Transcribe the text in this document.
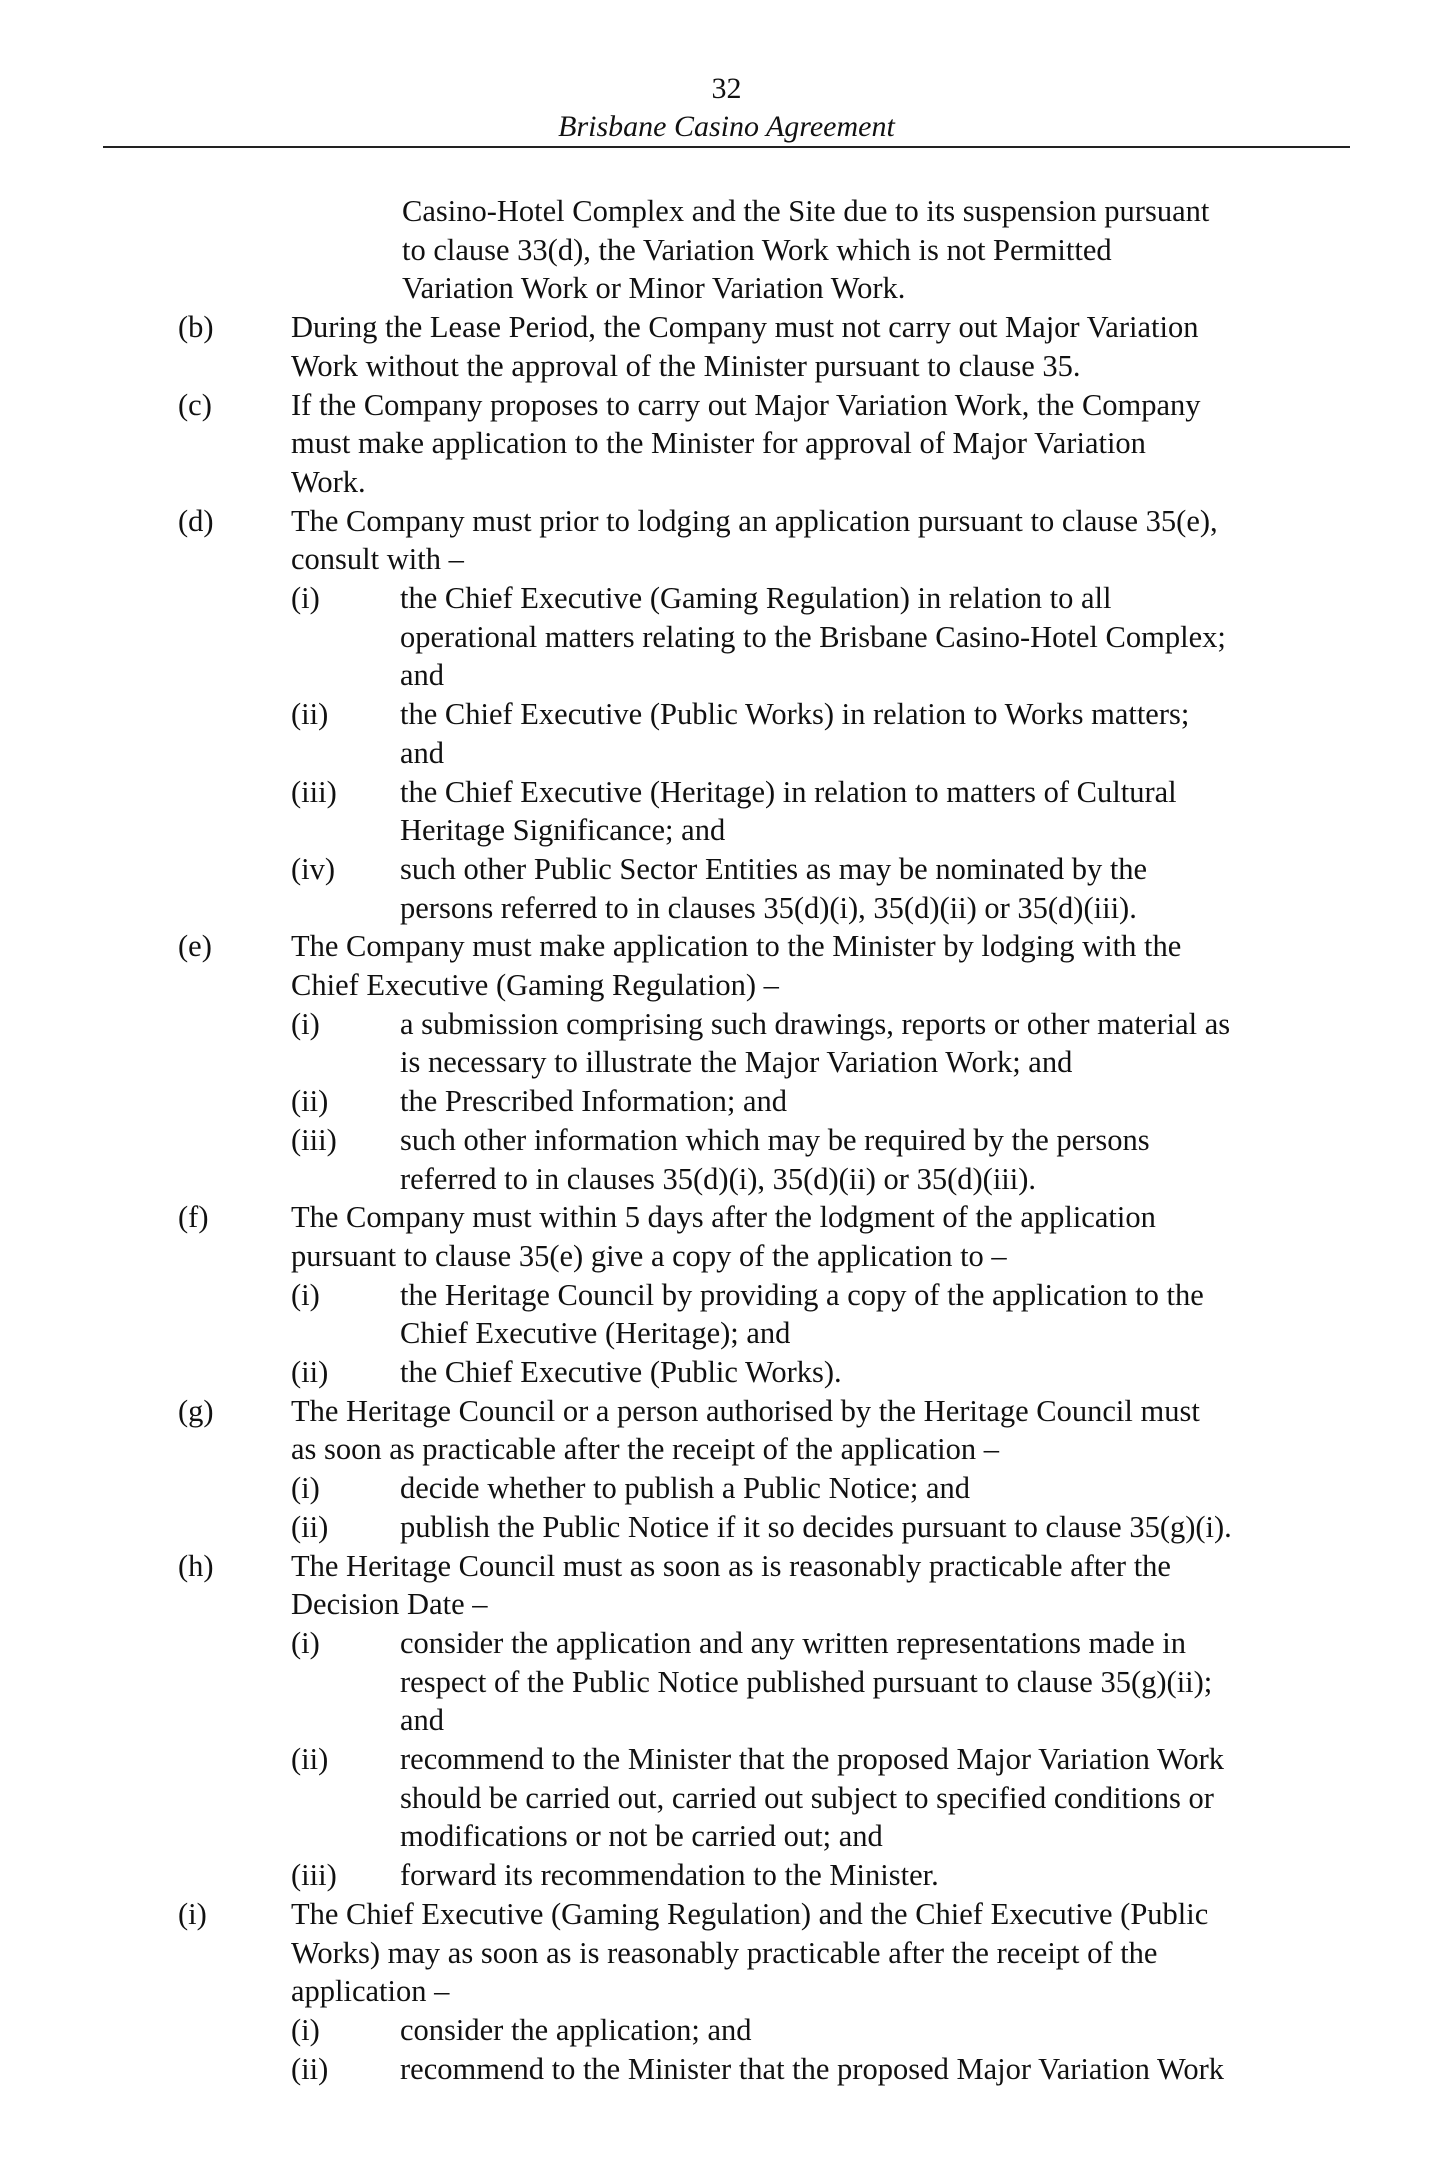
32
Brisbane Casino Agreement
Casino-Hotel Complex and the Site due to its suspension pursuant
to clause 33(d), the Variation Work which is not Permitted
Variation Work or Minor Variation Work.
(b)	During the Lease Period, the Company must not carry out Major Variation
Work without the approval of the Minister pursuant to clause 35.
(c)	If the Company proposes to carry out Major Variation Work, the Company
must make application to the Minister for approval of Major Variation
Work.
(d)	The Company must prior to lodging an application pursuant to clause 35(e),
consult with –
(i)	the Chief Executive (Gaming Regulation) in relation to all
operational matters relating to the Brisbane Casino-Hotel Complex;
and
(ii) the Chief Executive (Public Works) in relation to Works matters;
and
(iii) the Chief Executive (Heritage) in relation to matters of Cultural
Heritage Significance; and
(iv) such other Public Sector Entities as may be nominated by the
persons referred to in clauses 35(d)(i), 35(d)(ii) or 35(d)(iii).
(e)	The Company must make application to the Minister by lodging with the
Chief Executive (Gaming Regulation) –
(i)	a submission comprising such drawings, reports or other material as
is necessary to illustrate the Major Variation Work; and
(ii) the Prescribed Information; and
(iii) such other information which may be required by the persons
referred to in clauses 35(d)(i), 35(d)(ii) or 35(d)(iii).
(f)	The Company must within 5 days after the lodgment of the application
pursuant to clause 35(e) give a copy of the application to –
(i)	the Heritage Council by providing a copy of the application to the
Chief Executive (Heritage); and
(ii) the Chief Executive (Public Works).
(g)	The Heritage Council or a person authorised by the Heritage Council must
as soon as practicable after the receipt of the application –
(i)	decide whether to publish a Public Notice; and
(ii) publish the Public Notice if it so decides pursuant to clause 35(g)(i).
(h)	The Heritage Council must as soon as is reasonably practicable after the
Decision Date –
(i)	consider the application and any written representations made in
respect of the Public Notice published pursuant to clause 35(g)(ii);
and
(ii) recommend to the Minister that the proposed Major Variation Work
should be carried out, carried out subject to specified conditions or
modifications or not be carried out; and
(iii) forward its recommendation to the Minister.
(i)	The Chief Executive (Gaming Regulation) and the Chief Executive (Public
Works) may as soon as is reasonably practicable after the receipt of the
application –
(i)	consider the application; and
(ii) recommend to the Minister that the proposed Major Variation Work
